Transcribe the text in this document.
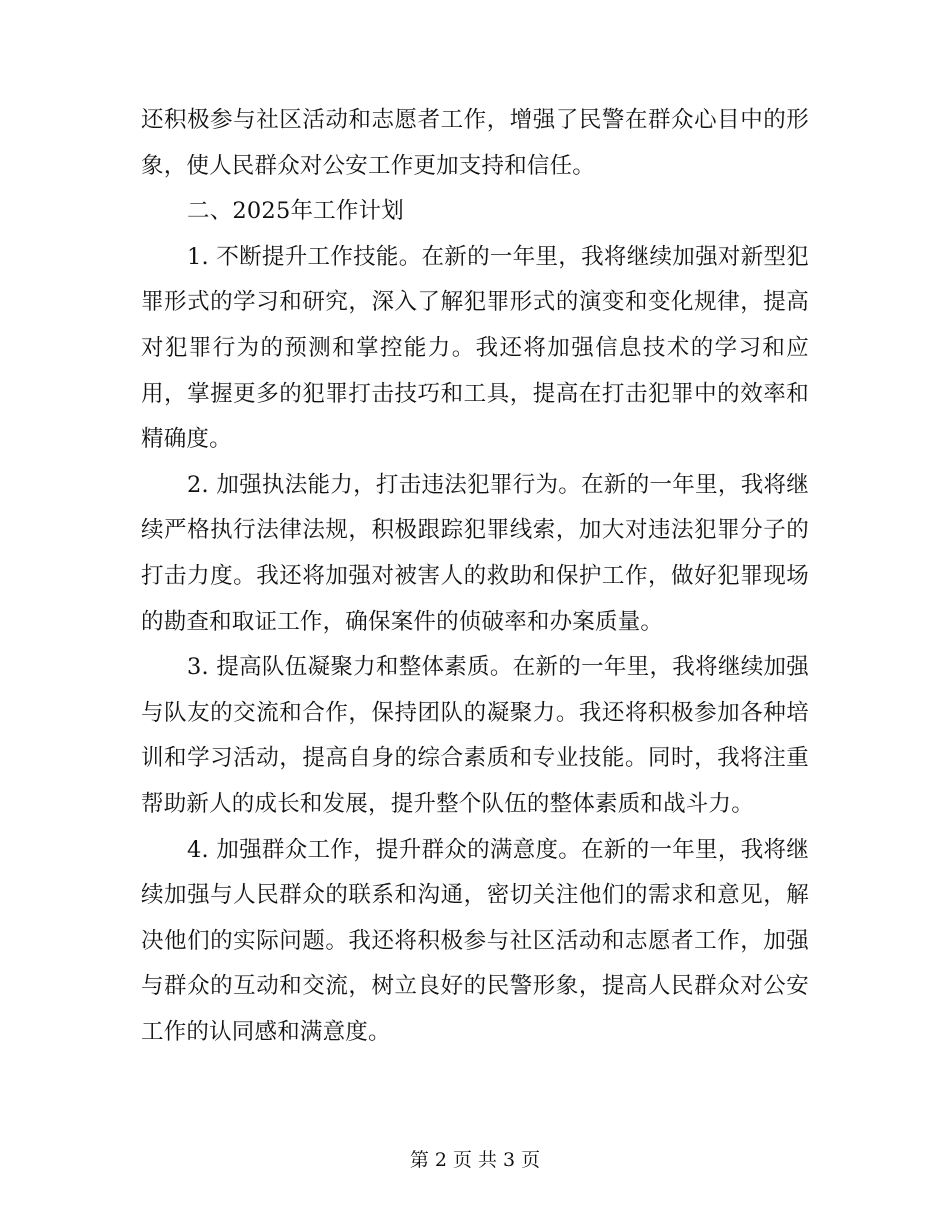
还积极参与社区活动和志愿者工作，增强了民警在群众心目中的形象，使人民群众对公安工作更加支持和信任。

二、2025年工作计划

1. 不断提升工作技能。在新的一年里，我将继续加强对新型犯罪形式的学习和研究，深入了解犯罪形式的演变和变化规律，提高对犯罪行为的预测和掌控能力。我还将加强信息技术的学习和应用，掌握更多的犯罪打击技巧和工具，提高在打击犯罪中的效率和精确度。

2. 加强执法能力，打击违法犯罪行为。在新的一年里，我将继续严格执行法律法规，积极跟踪犯罪线索，加大对违法犯罪分子的打击力度。我还将加强对被害人的救助和保护工作，做好犯罪现场的勘查和取证工作，确保案件的侦破率和办案质量。

3. 提高队伍凝聚力和整体素质。在新的一年里，我将继续加强与队友的交流和合作，保持团队的凝聚力。我还将积极参加各种培训和学习活动，提高自身的综合素质和专业技能。同时，我将注重帮助新人的成长和发展，提升整个队伍的整体素质和战斗力。

4. 加强群众工作，提升群众的满意度。在新的一年里，我将继续加强与人民群众的联系和沟通，密切关注他们的需求和意见，解决他们的实际问题。我还将积极参与社区活动和志愿者工作，加强与群众的互动和交流，树立良好的民警形象，提高人民群众对公安工作的认同感和满意度。

第 2 页 共 3 页
